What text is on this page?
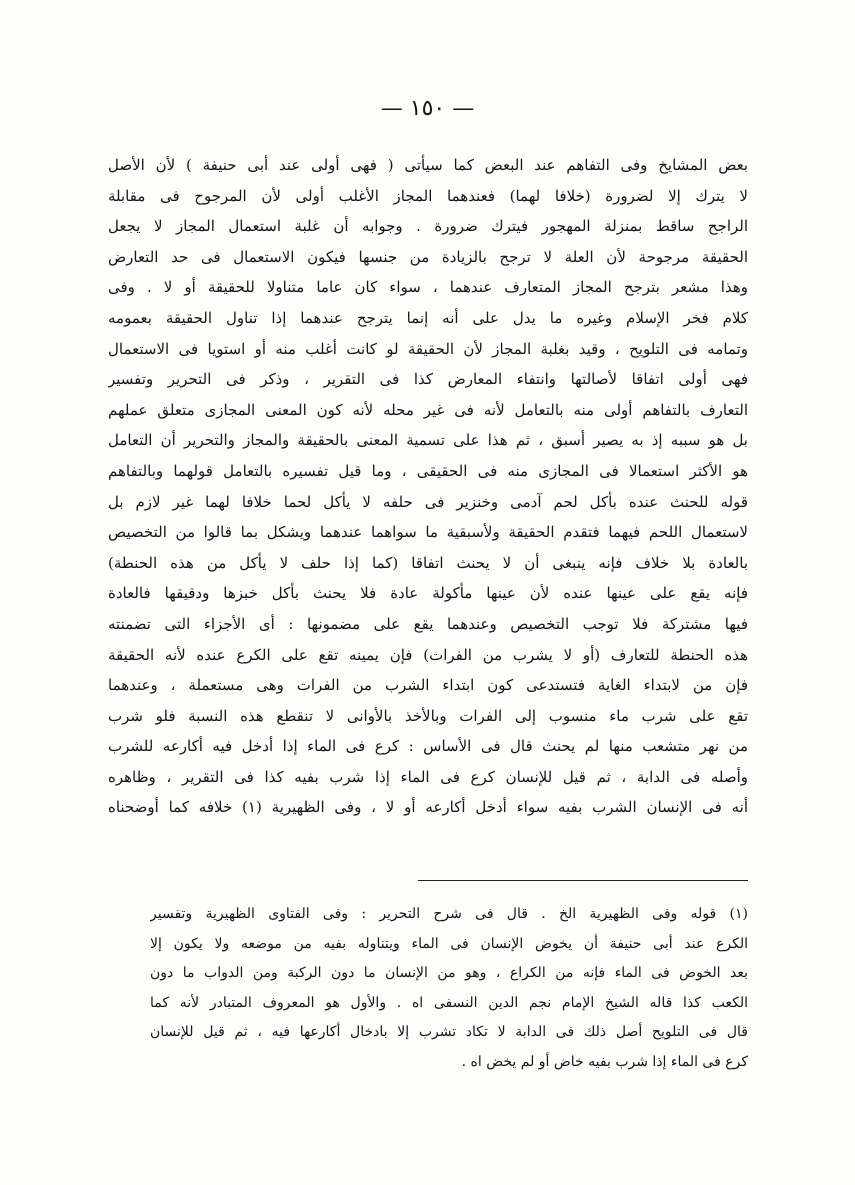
— ١٥٠ —
بعض المشايخ وفى التفاهم عند البعض كما سيأتى ( فهى أولى عند أبى حنيفة ) لأن الأصل
لا يترك إلا لضرورة (خلافا لهما) فعندهما المجاز الأغلب أولى لأن المرجوح فى مقابلة
الراجح ساقط بمنزلة المهجور فيترك ضرورة . وجوابه أن غلبة استعمال المجاز لا يجعل
الحقيقة مرجوحة لأن العلة لا ترجح بالزيادة من جنسها فيكون الاستعمال فى حد التعارض
وهذا مشعر بترجح المجاز المتعارف عندهما ، سواء كان عاما متناولا للحقيقة أو لا . وفى
كلام فخر الإسلام وغيره ما يدل على أنه إنما يترجح عندهما إذا تناول الحقيقة بعمومه
وتمامه فى التلويح ، وقيد بغلبة المجاز لأن الحقيقة لو كانت أغلب منه أو استويا فى الاستعمال
فهى أولى اتفاقا لأصالتها وانتفاء المعارض كذا فى التقرير ، وذكر فى التحرير وتفسير
التعارف بالتفاهم أولى منه بالتعامل لأنه فى غير محله لأنه كون المعنى المجازى متعلق عملهم
بل هو سببه إذ به يصير أسبق ، ثم هذا على تسمية المعنى بالحقيقة والمجاز والتحرير أن التعامل
هو الأكثر استعمالا فى المجازى منه فى الحقيقى ، وما قيل تفسيره بالتعامل قولهما وبالتفاهم
قوله للحنث عنده بأكل لحم آدمى وخنزير فى حلفه لا يأكل لحما خلافا لهما غير لازم بل
لاستعمال اللحم فيهما فتقدم الحقيقة ولأسبقية ما سواهما عندهما ويشكل بما قالوا من التخصيص
بالعادة بلا خلاف فإنه ينبغى أن لا يحنث اتفاقا (كما إذا حلف لا يأكل من هذه الحنطة)
فإنه يقع على عينها عنده لأن عينها مأكولة عادة فلا يحنث بأكل خبزها ودقيقها فالعادة
فيها مشتركة فلا توجب التخصيص وعندهما يقع على مضمونها : أى الأجزاء التى تضمنته
هذه الحنطة للتعارف (أو لا يشرب من الفرات) فإن يمينه تقع على الكرع عنده لأنه الحقيقة
فإن من لابتداء الغاية فتستدعى كون ابتداء الشرب من الفرات وهى مستعملة ، وعندهما
تقع على شرب ماء منسوب إلى الفرات وبالأخذ بالأوانى لا تنقطع هذه النسبة فلو شرب
من نهر متشعب منها لم يحنث قال فى الأساس : كرع فى الماء إذا أدخل فيه أكارعه للشرب
وأصله فى الدابة ، ثم قيل للإنسان كرع فى الماء إذا شرب بفيه كذا فى التقرير ، وظاهره
أنه فى الإنسان الشرب بفيه سواء أدخل أكارعه أو لا ، وفى الظهيرية (١) خلافه كما أوضحناه
(١) قوله وفى الظهيرية الخ . قال فى شرح التحرير : وفى الفتاوى الظهيرية وتفسير
الكرع عند أبى حنيفة أن يخوض الإنسان فى الماء ويتناوله بفيه من موضعه ولا يكون إلا
بعد الخوض فى الماء فإنه من الكراع ، وهو من الإنسان ما دون الركبة ومن الدواب ما دون
الكعب كذا قاله الشيخ الإمام نجم الدين النسفى اه . والأول هو المعروف المتبادر لأنه كما
قال فى التلويح أصل ذلك فى الدابة لا تكاد تشرب إلا بادخال أكارعها فيه ، ثم قيل للإنسان
كرع فى الماء إذا شرب بفيه خاض أو لم يخض اه .
